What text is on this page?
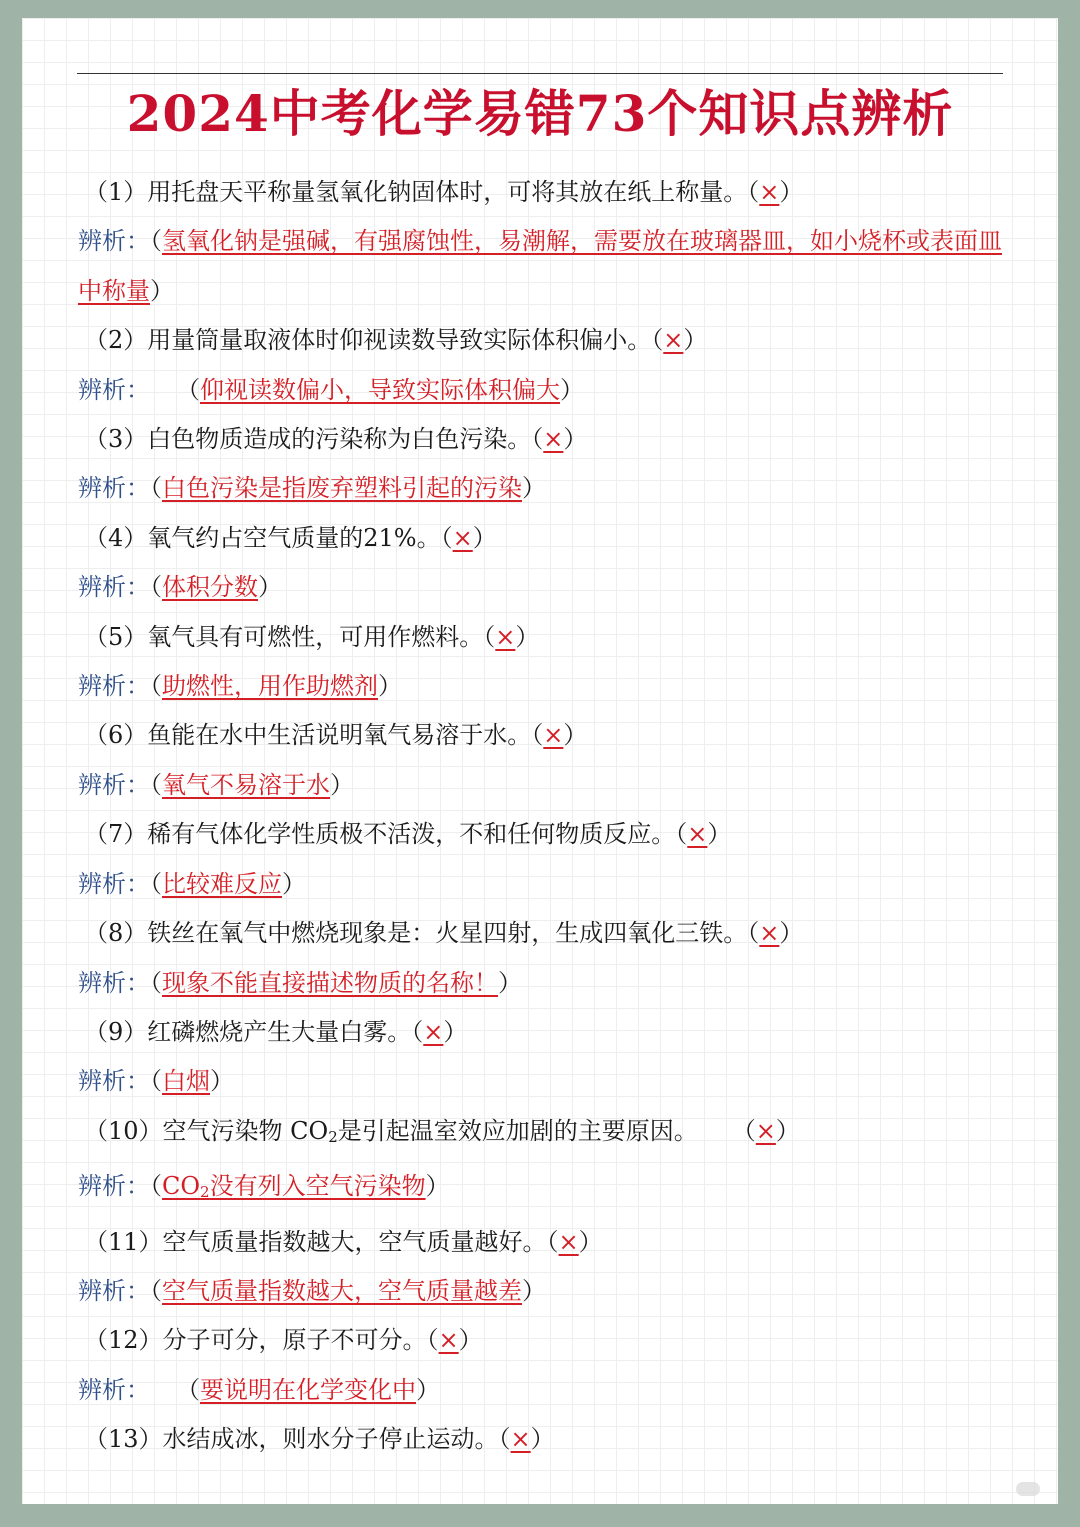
2024中考化学易错73个知识点辨析

（1）用托盘天平称量氢氧化钠固体时，可将其放在纸上称量。（×）

辨析：（氢氧化钠是强碱，有强腐蚀性，易潮解，需要放在玻璃器皿，如小烧杯或表面皿中称量）

（2）用量筒量取液体时仰视读数导致实际体积偏小。（×）

辨析： （仰视读数偏小，导致实际体积偏大）

（3）白色物质造成的污染称为白色污染。（×）

辨析：（白色污染是指废弃塑料引起的污染）

（4）氧气约占空气质量的21%。（×）

辨析：（体积分数）

（5）氧气具有可燃性，可用作燃料。（×）

辨析：（助燃性，用作助燃剂）

（6）鱼能在水中生活说明氧气易溶于水。（×）

辨析：（氧气不易溶于水）

（7）稀有气体化学性质极不活泼，不和任何物质反应。（×）

辨析：（比较难反应）

（8）铁丝在氧气中燃烧现象是：火星四射，生成四氧化三铁。（×）

辨析：（现象不能直接描述物质的名称！）

（9）红磷燃烧产生大量白雾。（×）

辨析：（白烟）

（10）空气污染物 $CO_2$是引起温室效应加剧的主要原因。 （×）

辨析：（$CO_2$没有列入空气污染物）

（11）空气质量指数越大，空气质量越好。（×）

辨析：（空气质量指数越大，空气质量越差）

（12）分子可分，原子不可分。（×）

辨析： （要说明在化学变化中）

（13）水结成冰，则水分子停止运动。（×）
